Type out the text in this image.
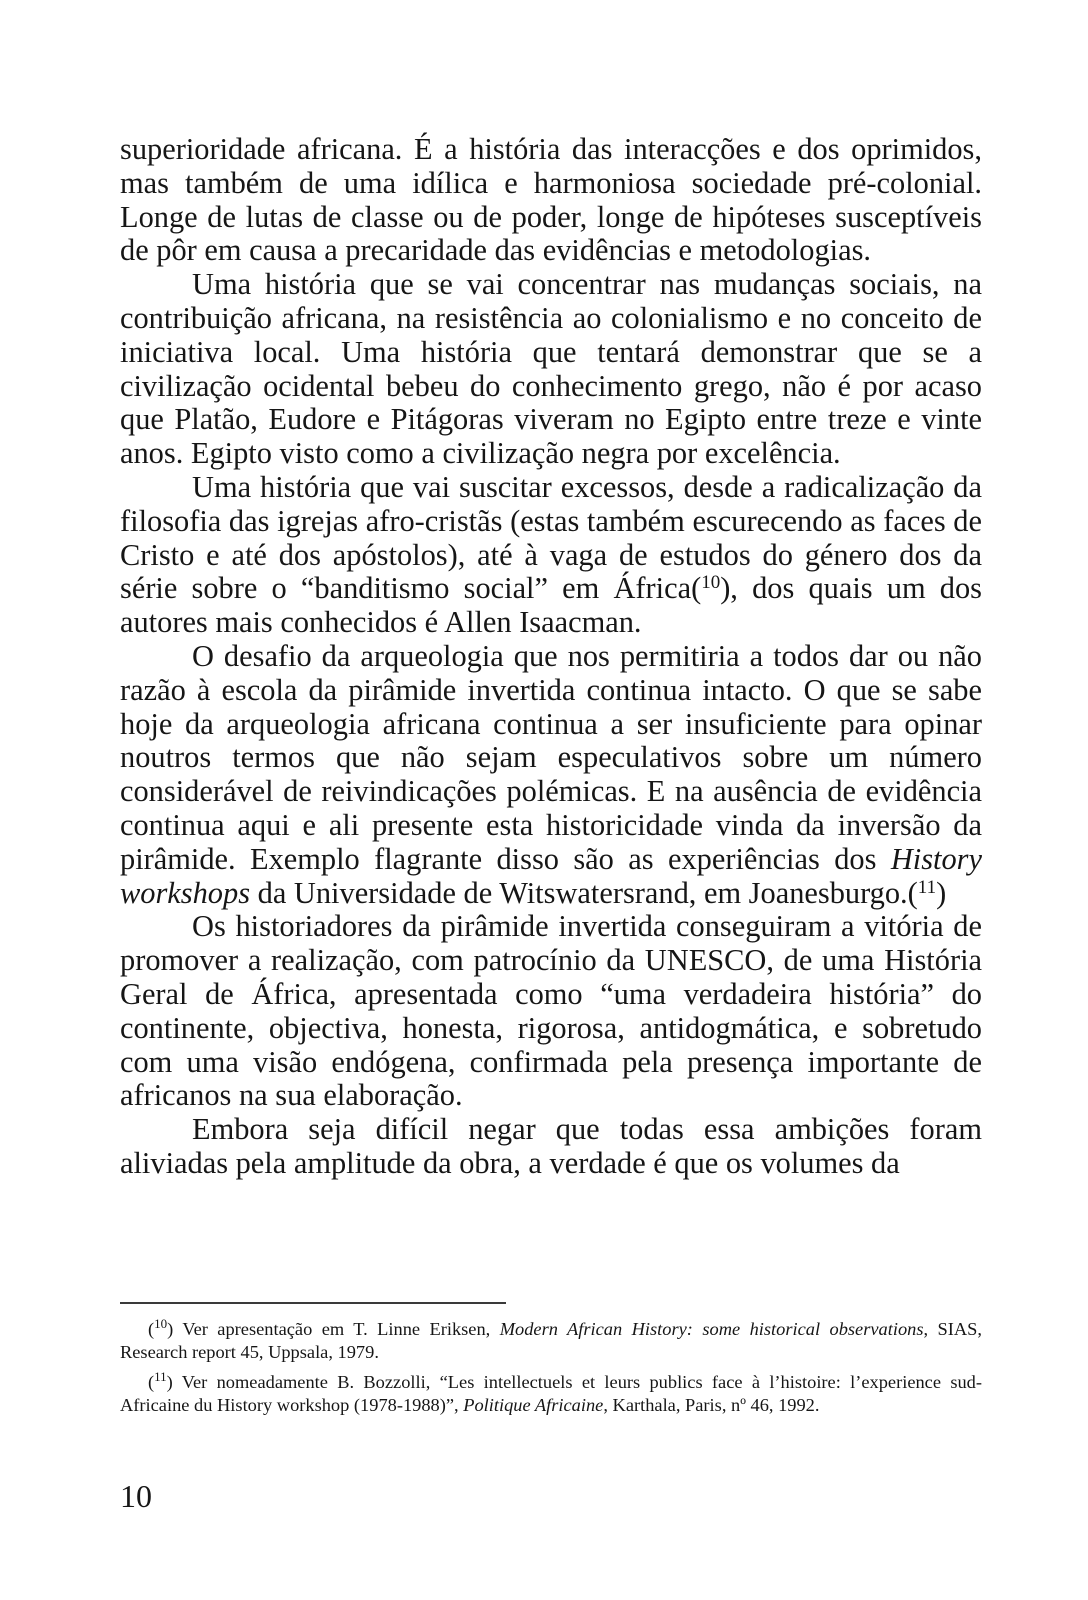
superioridade africana. É a história das interacções e dos oprimidos, mas também de uma idílica e harmoniosa sociedade pré-colonial. Longe de lutas de classe ou de poder, longe de hipóteses susceptíveis de pôr em causa a precaridade das evidências e metodologias.

Uma história que se vai concentrar nas mudanças sociais, na contribuição africana, na resistência ao colonialismo e no conceito de iniciativa local. Uma história que tentará demonstrar que se a civilização ocidental bebeu do conhecimento grego, não é por acaso que Platão, Eudore e Pitágoras viveram no Egipto entre treze e vinte anos. Egipto visto como a civilização negra por excelência.

Uma história que vai suscitar excessos, desde a radicalização da filosofia das igrejas afro-cristãs (estas também escurecendo as faces de Cristo e até dos apóstolos), até à vaga de estudos do género dos da série sobre o “banditismo social” em África($^{10}$), dos quais um dos autores mais conhecidos é Allen Isaacman.

O desafio da arqueologia que nos permitiria a todos dar ou não razão à escola da pirâmide invertida continua intacto. O que se sabe hoje da arqueologia africana continua a ser insuficiente para opinar noutros termos que não sejam especulativos sobre um número considerável de reivindicações polémicas. E na ausência de evidência continua aqui e ali presente esta historicidade vinda da inversão da pirâmide. Exemplo flagrante disso são as experiências dos History workshops da Universidade de Witswatersrand, em Joanesburgo.($^{11}$)

Os historiadores da pirâmide invertida conseguiram a vitória de promover a realização, com patrocínio da UNESCO, de uma História Geral de África, apresentada como “uma verdadeira história” do continente, objectiva, honesta, rigorosa, antidogmática, e sobretudo com uma visão endógena, confirmada pela presença importante de africanos na sua elaboração.

Embora seja difícil negar que todas essa ambições foram aliviadas pela amplitude da obra, a verdade é que os volumes da

($^{10}$) Ver apresentação em T. Linne Eriksen, Modern African History: some historical observations, SIAS, Research report 45, Uppsala, 1979.

($^{11}$) Ver nomeadamente B. Bozzolli, “Les intellectuels et leurs publics face à l’histoire: l’experience sud-Africaine du History workshop (1978-1988)”, Politique Africaine, Karthala, Paris, nº 46, 1992.

10
